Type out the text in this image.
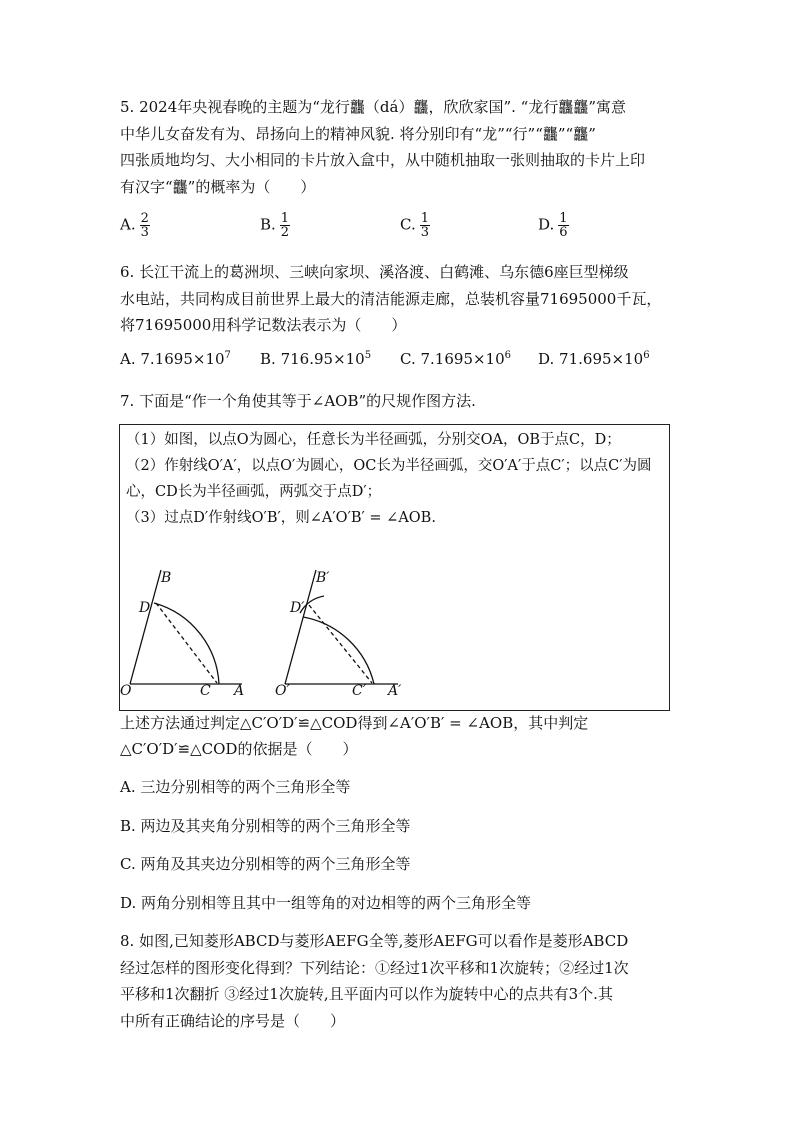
5. 2024年央视春晚的主题为“龙行龘（dá）龘，欣欣家国”. “龙行龘龘”寓意
中华儿女奋发有为、昂扬向上的精神风貌. 将分别印有“龙”“行”“龘”“龘”
四张质地均匀、大小相同的卡片放入盒中，从中随机抽取一张则抽取的卡片上印
有汉字“龘”的概率为（　　）
A. $\frac{2}{3}$	B. $\frac{1}{2}$	C. $\frac{1}{3}$	D. $\frac{1}{6}$
6. 长江干流上的葛洲坝、三峡向家坝、溪洛渡、白鹤滩、乌东德6座巨型梯级
水电站，共同构成目前世界上最大的清洁能源走廊，总装机容量71695000千瓦，
将71695000用科学记数法表示为（　　）
A. $7.1695\times 10^7$ B. $716.95\times 10^5$ C. $7.1695\times 10^6$ D. $71.695\times 10^6$
7. 下面是“作一个角使其等于∠AOB”的尺规作图方法.
（1）如图，以点O为圆心，任意长为半径画弧，分别交OA，OB于点C，D；
（2）作射线O′A′，以点O′为圆心，OC长为半径画弧，交O′A′于点C′；以点C′为圆
心，CD长为半径画弧，两弧交于点D′；
（3）过点D′作射线O′B′，则∠A′O′B′ = ∠AOB.
B
D
O	C A
B′
D′
O′	C′ A′
上述方法通过判定△C′O′D′≌△COD得到∠A′O′B′ = ∠AOB，其中判定
△C′O′D′≌△COD的依据是（　　）
A. 三边分别相等的两个三角形全等
B. 两边及其夹角分别相等的两个三角形全等
C. 两角及其夹边分别相等的两个三角形全等
D. 两角分别相等且其中一组等角的对边相等的两个三角形全等
8. 如图,已知菱形ABCD与菱形AEFG全等,菱形AEFG可以看作是菱形ABCD
经过怎样的图形变化得到？下列结论：①经过1次平移和1次旋转；②经过1次
平移和1次翻折 ③经过1次旋转,且平面内可以作为旋转中心的点共有3个.其
中所有正确结论的序号是（　　）
